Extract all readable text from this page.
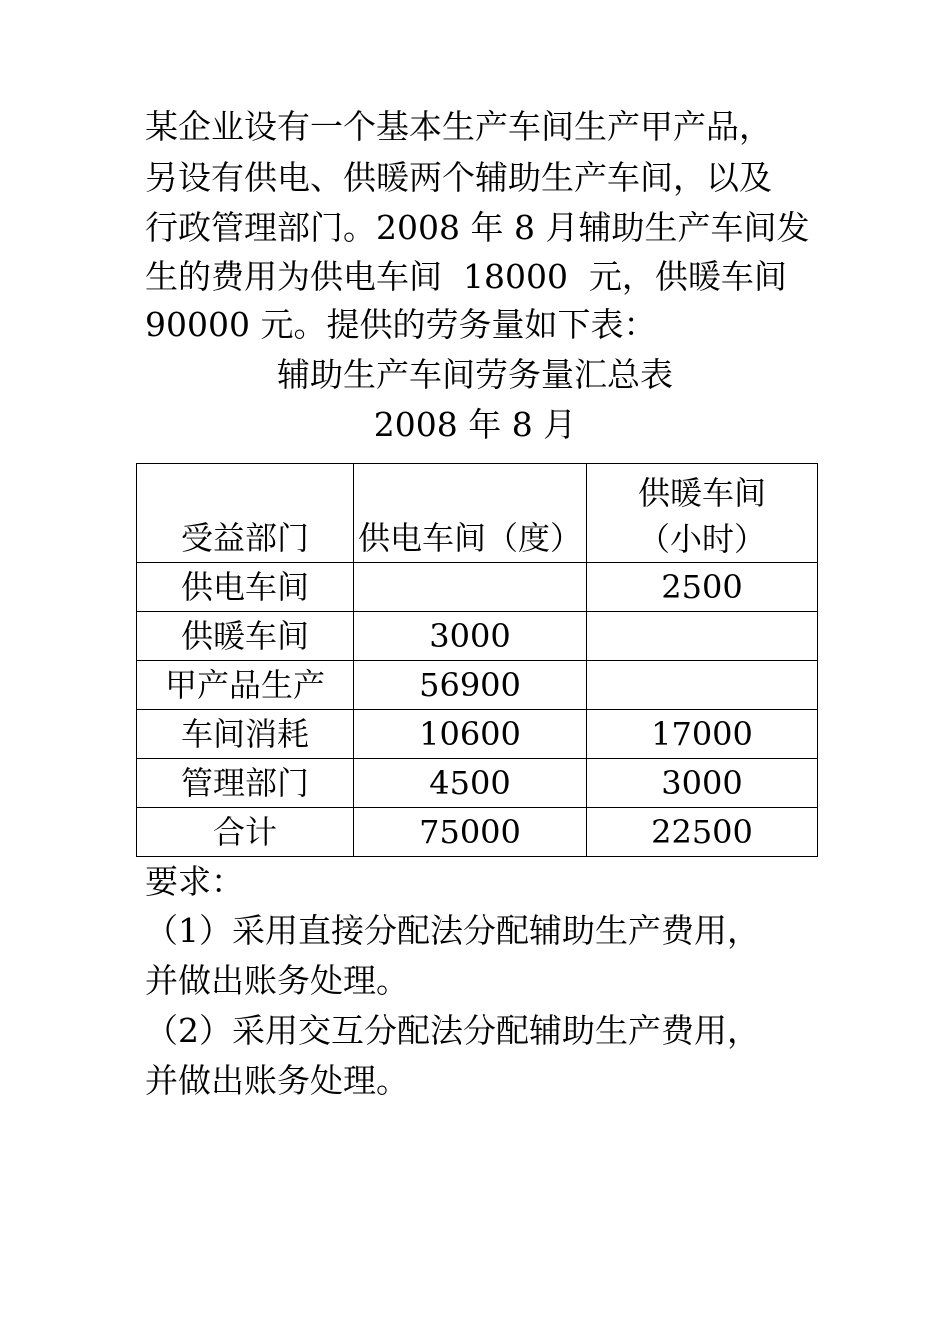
某企业设有一个基本生产车间生产甲产品，
另设有供电、供暖两个辅助生产车间，以及
行政管理部门。2008 年 8 月辅助生产车间发
生的费用为供电车间  18000  元，供暖车间
90000 元。提供的劳务量如下表：
辅助生产车间劳务量汇总表
2008 年 8 月
受益部门	供电车间（度）	供暖车间
（小时）

供电车间		2500
供暖车间	3000	
甲产品生产	56900	
车间消耗	10600	17000
管理部门	4500	3000
合计	75000	22500
要求：
（1）采用直接分配法分配辅助生产费用，
并做出账务处理。
（2）采用交互分配法分配辅助生产费用，
并做出账务处理。
